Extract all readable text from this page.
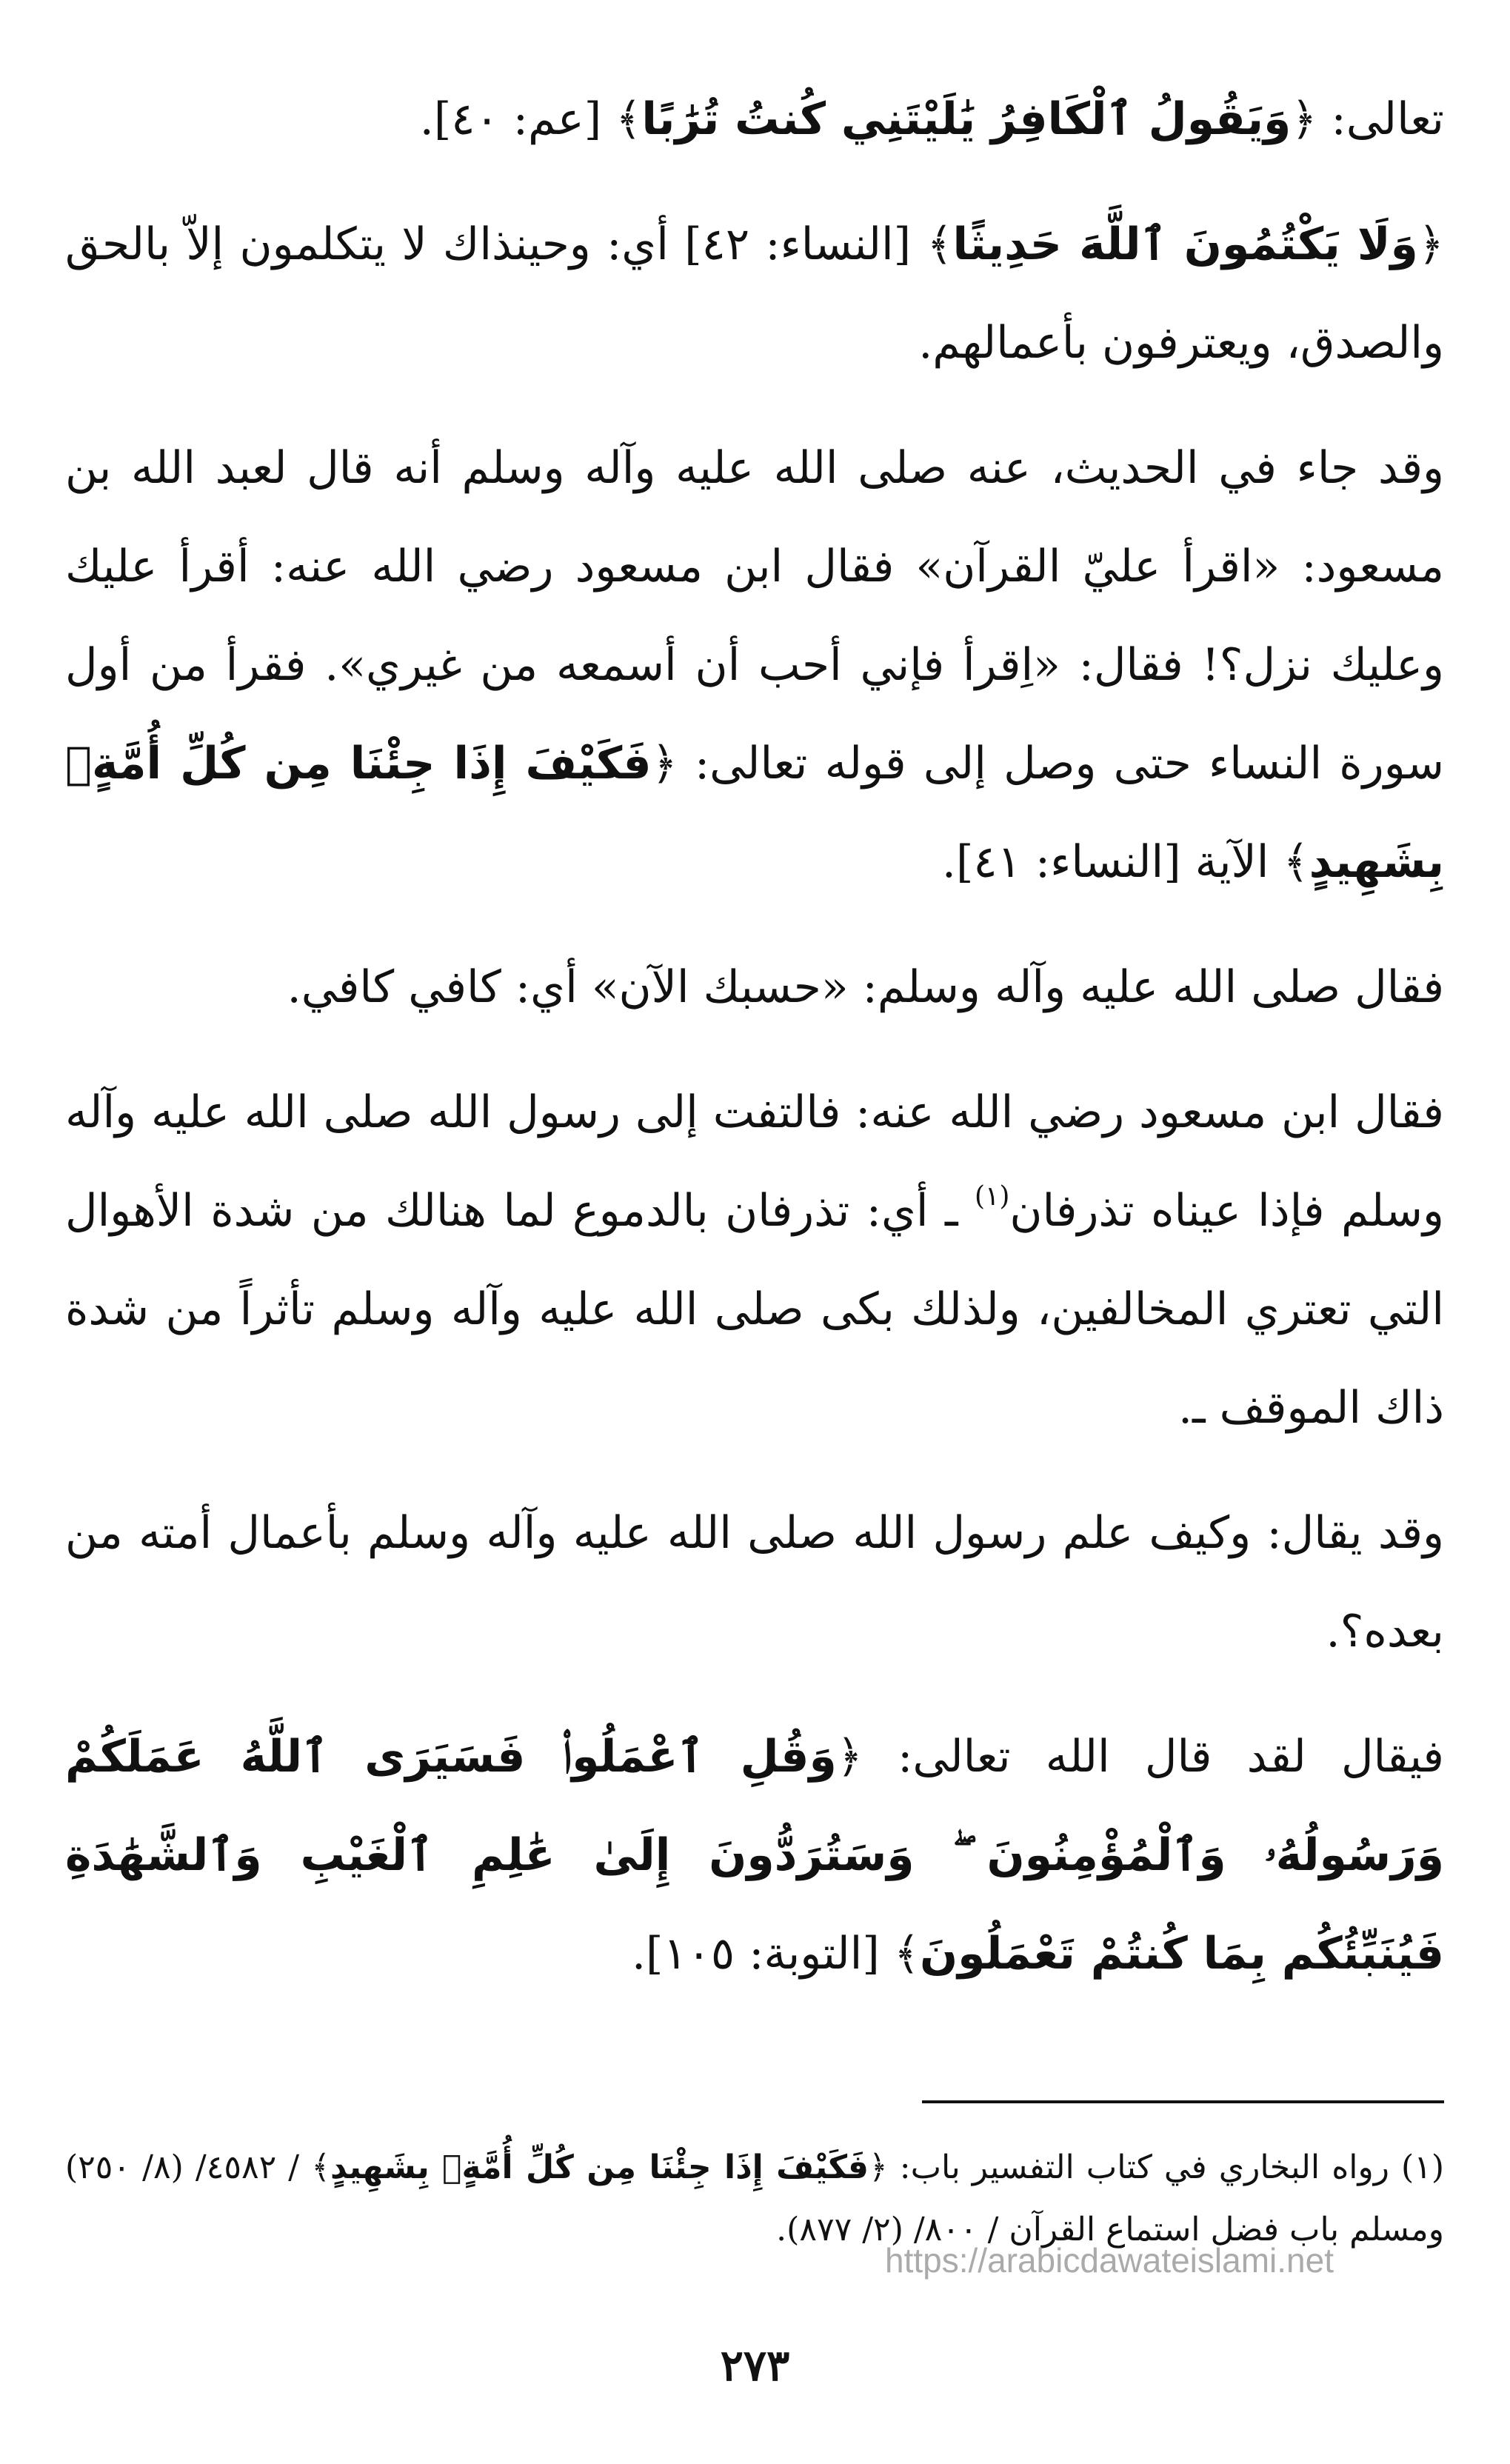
تعالى: ﴿وَيَقُولُ ٱلْكَافِرُ يَٰلَيْتَنِي كُنتُ تُرَٰبًا﴾ [عم: ٤٠].

﴿وَلَا يَكْتُمُونَ ٱللَّهَ حَدِيثًا﴾ [النساء: ٤٢] أي: وحينذاك لا يتكلمون إلاّ بالحق والصدق، ويعترفون بأعمالهم.

وقد جاء في الحديث، عنه صلى الله عليه وآله وسلم أنه قال لعبد الله بن مسعود: «اقرأ عليّ القرآن» فقال ابن مسعود رضي الله عنه: أقرأ عليك وعليك نزل؟! فقال: «اِقرأ فإني أحب أن أسمعه من غيري». فقرأ من أول سورة النساء حتى وصل إلى قوله تعالى: ﴿فَكَيْفَ إِذَا جِئْنَا مِن كُلِّ أُمَّةٍۭ بِشَهِيدٍ﴾ الآية [النساء: ٤١].

فقال صلى الله عليه وآله وسلم: «حسبك الآن» أي: كافي كافي.

فقال ابن مسعود رضي الله عنه: فالتفت إلى رسول الله صلى الله عليه وآله وسلم فإذا عيناه تذرفان$^{(١)}$ ـ أي: تذرفان بالدموع لما هنالك من شدة الأهوال التي تعتري المخالفين، ولذلك بكى صلى الله عليه وآله وسلم تأثراً من شدة ذاك الموقف ـ.

وقد يقال: وكيف علم رسول الله صلى الله عليه وآله وسلم بأعمال أمته من بعده؟.

فيقال لقد قال الله تعالى: ﴿وَقُلِ ٱعْمَلُوا۟ فَسَيَرَى ٱللَّهُ عَمَلَكُمْ وَرَسُولُهُۥ وَٱلْمُؤْمِنُونَ ۖ وَسَتُرَدُّونَ إِلَىٰ عَٰلِمِ ٱلْغَيْبِ وَٱلشَّهَٰدَةِ فَيُنَبِّئُكُم بِمَا كُنتُمْ تَعْمَلُونَ﴾ [التوبة: ١٠٥].

(١) رواه البخاري في كتاب التفسير باب: ﴿فَكَيْفَ إِذَا جِئْنَا مِن كُلِّ أُمَّةٍۭ بِشَهِيدٍ﴾ / ٤٥٨٢/ (٨/ ٢٥٠) ومسلم باب فضل استماع القرآن / ٨٠٠/ (٢/ ٨٧٧).
https://arabicdawateislami.net
٢٧٣
